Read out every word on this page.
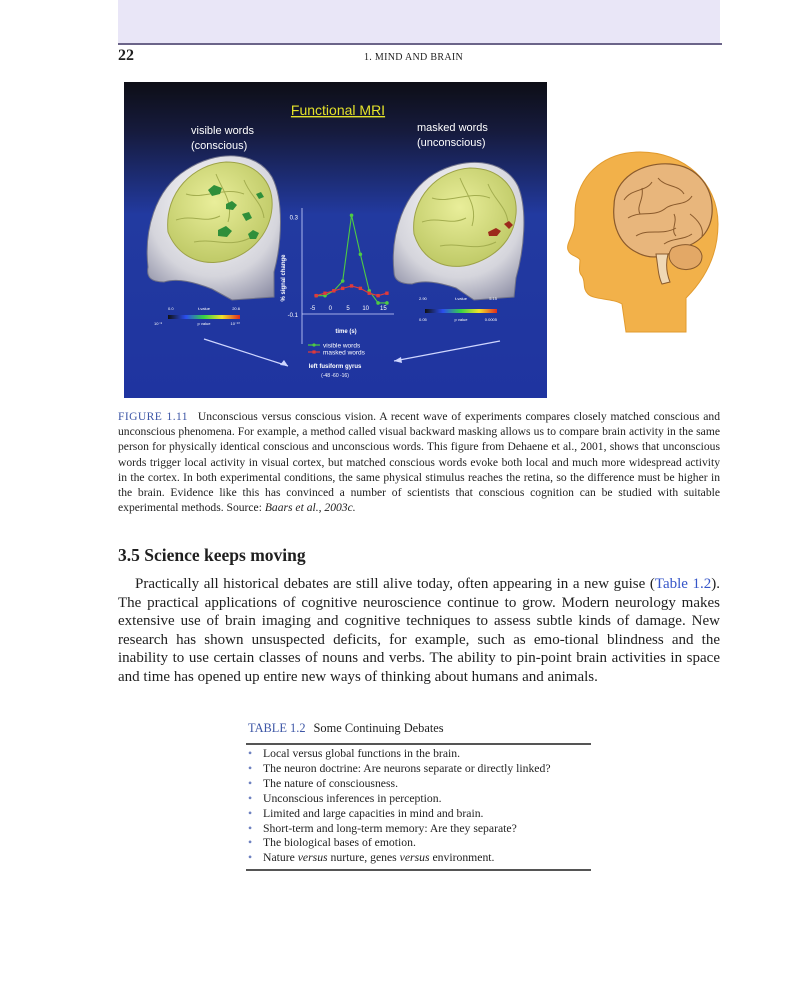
22	1. MIND AND BRAIN
Functional MRI
visible words
(conscious)
masked words
(unconscious)
0.0	t-value	20.6
10⁻⁸	p value	10⁻¹⁰
2.90	t-value	5.15
0.05	p value	0.0005
% signal change
time (s)
-5 0 5 10 15
0.3
-0.1
visible words
masked words
left fusiform gyrus
(-48 -60 -16)
FIGURE 1.11 Unconscious versus conscious vision. A recent wave of experiments compares closely matched conscious and unconscious phenomena. For example, a method called visual backward masking allows us to compare brain activity in the same person for physically identical conscious and unconscious words. This figure from Dehaene et al., 2001, shows that unconscious words trigger local activity in visual cortex, but matched conscious words evoke both local and much more widespread activity in the cortex. In both experimental conditions, the same physical stimulus reaches the retina, so the difference must be higher in the brain. Evidence like this has convinced a number of scientists that conscious cognition can be studied with suitable experimental methods. Source: Baars et al., 2003c.
3.5 Science keeps moving
Practically all historical debates are still alive today, often appearing in a new guise (Table 1.2). The practical applications of cognitive neuroscience continue to grow. Modern neurology makes extensive use of brain imaging and cognitive techniques to assess subtle kinds of damage. New research has shown unsuspected deficits, for example, such as emo-tional blindness and the inability to use certain classes of nouns and verbs. The ability to pin-point brain activities in space and time has opened up entire new ways of thinking about humans and animals.
TABLE 1.2 Some Continuing Debates
• Local versus global functions in the brain.
• The neuron doctrine: Are neurons separate or directly linked?
• The nature of consciousness.
• Unconscious inferences in perception.
• Limited and large capacities in mind and brain.
• Short-term and long-term memory: Are they separate?
• The biological bases of emotion.
• Nature versus nurture, genes versus environment.
